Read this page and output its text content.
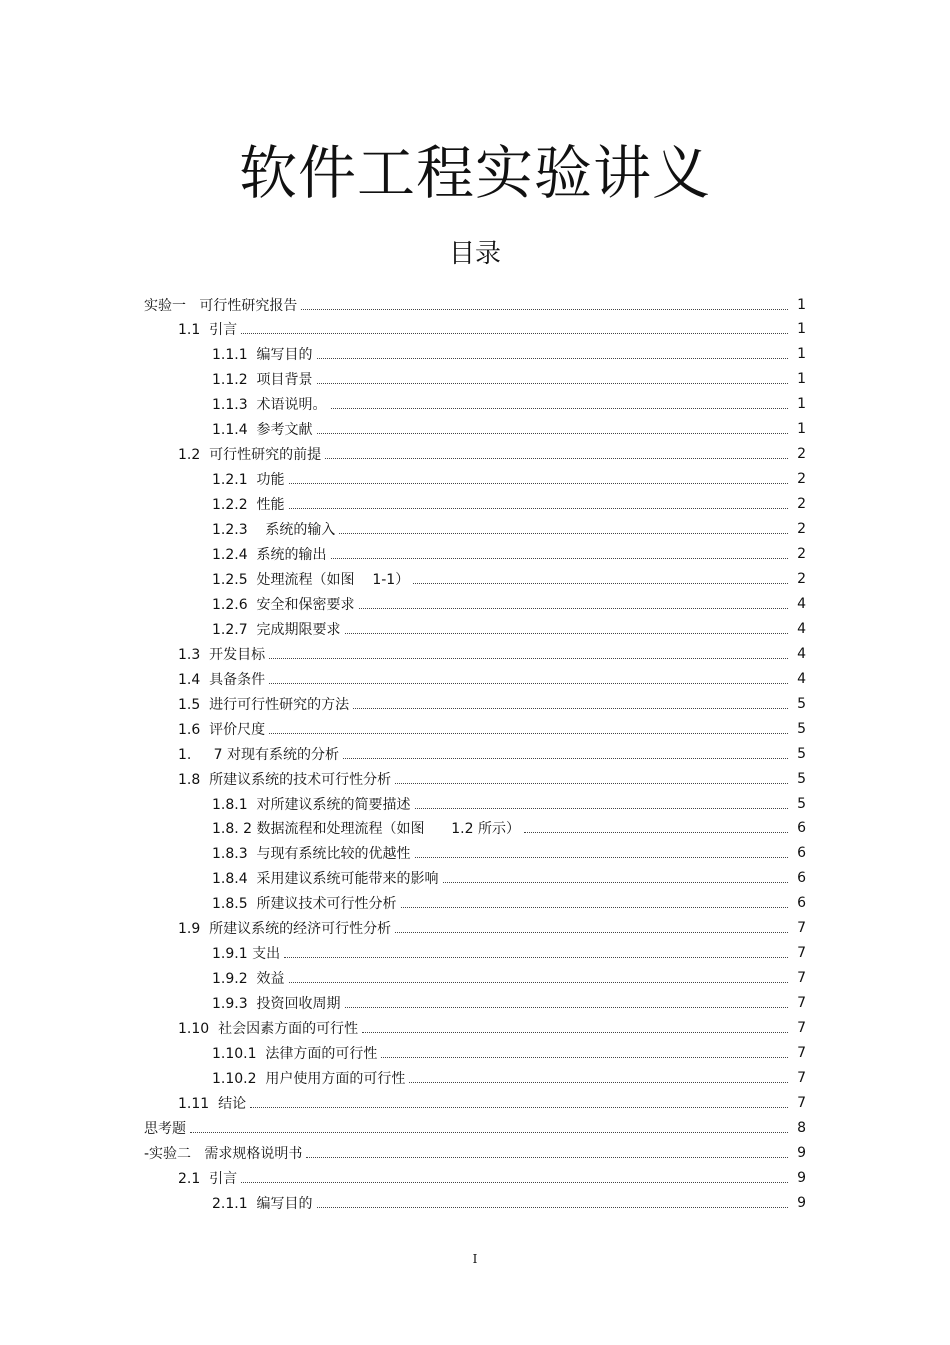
软件工程实验讲义
目录
实验一   可行性研究报告	1
1.1  引言	1
1.1.1  编写目的	1
1.1.2  项目背景	1
1.1.3  术语说明。	1
1.1.4  参考文献	1
1.2  可行性研究的前提	2
1.2.1  功能	2
1.2.2  性能	2
1.2.3    系统的输入	2
1.2.4  系统的输出	2
1.2.5  处理流程（如图    1-1）	2
1.2.6  安全和保密要求	4
1.2.7  完成期限要求	4
1.3  开发目标	4
1.4  具备条件	4
1.5  进行可行性研究的方法	5
1.6  评价尺度	5
1.     7 对现有系统的分析	5
1.8  所建议系统的技术可行性分析	5
1.8.1  对所建议系统的简要描述	5
1.8. 2 数据流程和处理流程（如图      1.2 所示）	6
1.8.3  与现有系统比较的优越性	6
1.8.4  采用建议系统可能带来的影响	6
1.8.5  所建议技术可行性分析	6
1.9  所建议系统的经济可行性分析	7
1.9.1 支出	7
1.9.2  效益	7
1.9.3  投资回收周期	7
1.10  社会因素方面的可行性	7
1.10.1  法律方面的可行性	7
1.10.2  用户使用方面的可行性	7
1.11  结论	7
思考题	8
-实验二   需求规格说明书	9
2.1  引言	9
2.1.1  编写目的	9
I
